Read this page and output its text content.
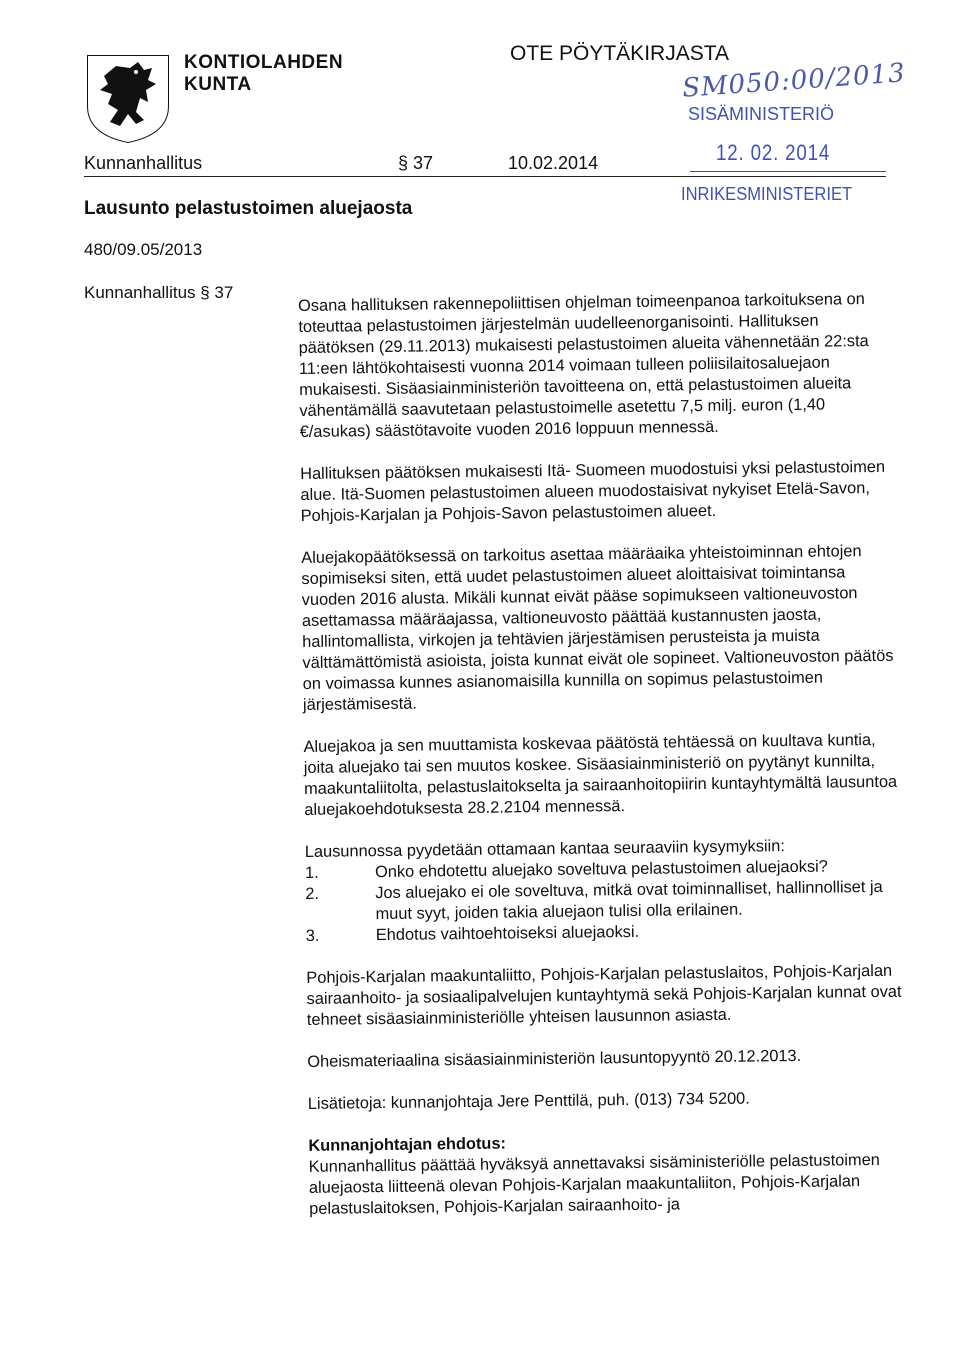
KONTIOLAHDEN
KUNTA
OTE PÖYTÄKIRJASTA
SM050:00/2013
SISÄMINISTERIÖ
12. 02. 2014
INRIKESMINISTERIET
Kunnanhallitus	§ 37	10.02.2014
Lausunto pelastustoimen aluejaosta
480/09.05/2013
Kunnanhallitus § 37	Osana hallituksen rakennepoliittisen ohjelman toimeenpanoa tarkoituksena on toteuttaa pelastustoimen järjestelmän uudelleenorganisointi. Hallituksen päätöksen (29.11.2013) mukaisesti pelastustoimen alueita vähennetään 22:sta 11:een lähtökohtaisesti vuonna 2014 voimaan tulleen poliisilaitosaluejaon mukaisesti. Sisäasiainministeriön tavoitteena on, että pelastustoimen alueita vähentämällä saavutetaan pelastustoimelle asetettu 7,5 milj. euron (1,40 €/asukas) säästötavoite vuoden 2016 loppuun mennessä.

Hallituksen päätöksen mukaisesti Itä- Suomeen muodostuisi yksi pelastustoimen alue. Itä-Suomen pelastustoimen alueen muodostaisivat nykyiset Etelä-Savon, Pohjois-Karjalan ja Pohjois-Savon pelastustoimen alueet.

Aluejakopäätöksessä on tarkoitus asettaa määräaika yhteistoiminnan ehtojen sopimiseksi siten, että uudet pelastustoimen alueet aloittaisivat toimintansa vuoden 2016 alusta. Mikäli kunnat eivät pääse sopimukseen valtioneuvoston asettamassa määräajassa, valtioneuvosto päättää kustannusten jaosta, hallintomallista, virkojen ja tehtävien järjestämisen perusteista ja muista välttämättömistä asioista, joista kunnat eivät ole sopineet. Valtioneuvoston päätös on voimassa kunnes asianomaisilla kunnilla on sopimus pelastustoimen järjestämisestä.

Aluejakoa ja sen muuttamista koskevaa päätöstä tehtäessä on kuultava kuntia, joita aluejako tai sen muutos koskee. Sisäasiainministeriö on pyytänyt kunnilta, maakuntaliitolta, pelastuslaitokselta ja sairaanhoitopiirin kuntayhtymältä lausuntoa aluejakoehdotuksesta 28.2.2104 mennessä.

Lausunnossa pyydetään ottamaan kantaa seuraaviin kysymyksiin:

1.	Onko ehdotettu aluejako soveltuva pelastustoimen aluejaoksi?
2.	Jos aluejako ei ole soveltuva, mitkä ovat toiminnalliset, hallinnolliset ja muut syyt, joiden takia aluejaon tulisi olla erilainen.
3.	Ehdotus vaihtoehtoiseksi aluejaoksi.

Pohjois-Karjalan maakuntaliitto, Pohjois-Karjalan pelastuslaitos, Pohjois-Karjalan sairaanhoito- ja sosiaalipalvelujen kuntayhtymä sekä Pohjois-Karjalan kunnat ovat tehneet sisäasiainministeriölle yhteisen lausunnon asiasta.

Oheismateriaalina sisäasiainministeriön lausuntopyyntö 20.12.2013.

Lisätietoja: kunnanjohtaja Jere Penttilä, puh. (013) 734 5200.

Kunnanjohtajan ehdotus:
Kunnanhallitus päättää hyväksyä annettavaksi sisäministeriölle pelastustoimen aluejaosta liitteenä olevan Pohjois-Karjalan maakuntaliiton, Pohjois-Karjalan pelastuslaitoksen, Pohjois-Karjalan sairaanhoito- ja
